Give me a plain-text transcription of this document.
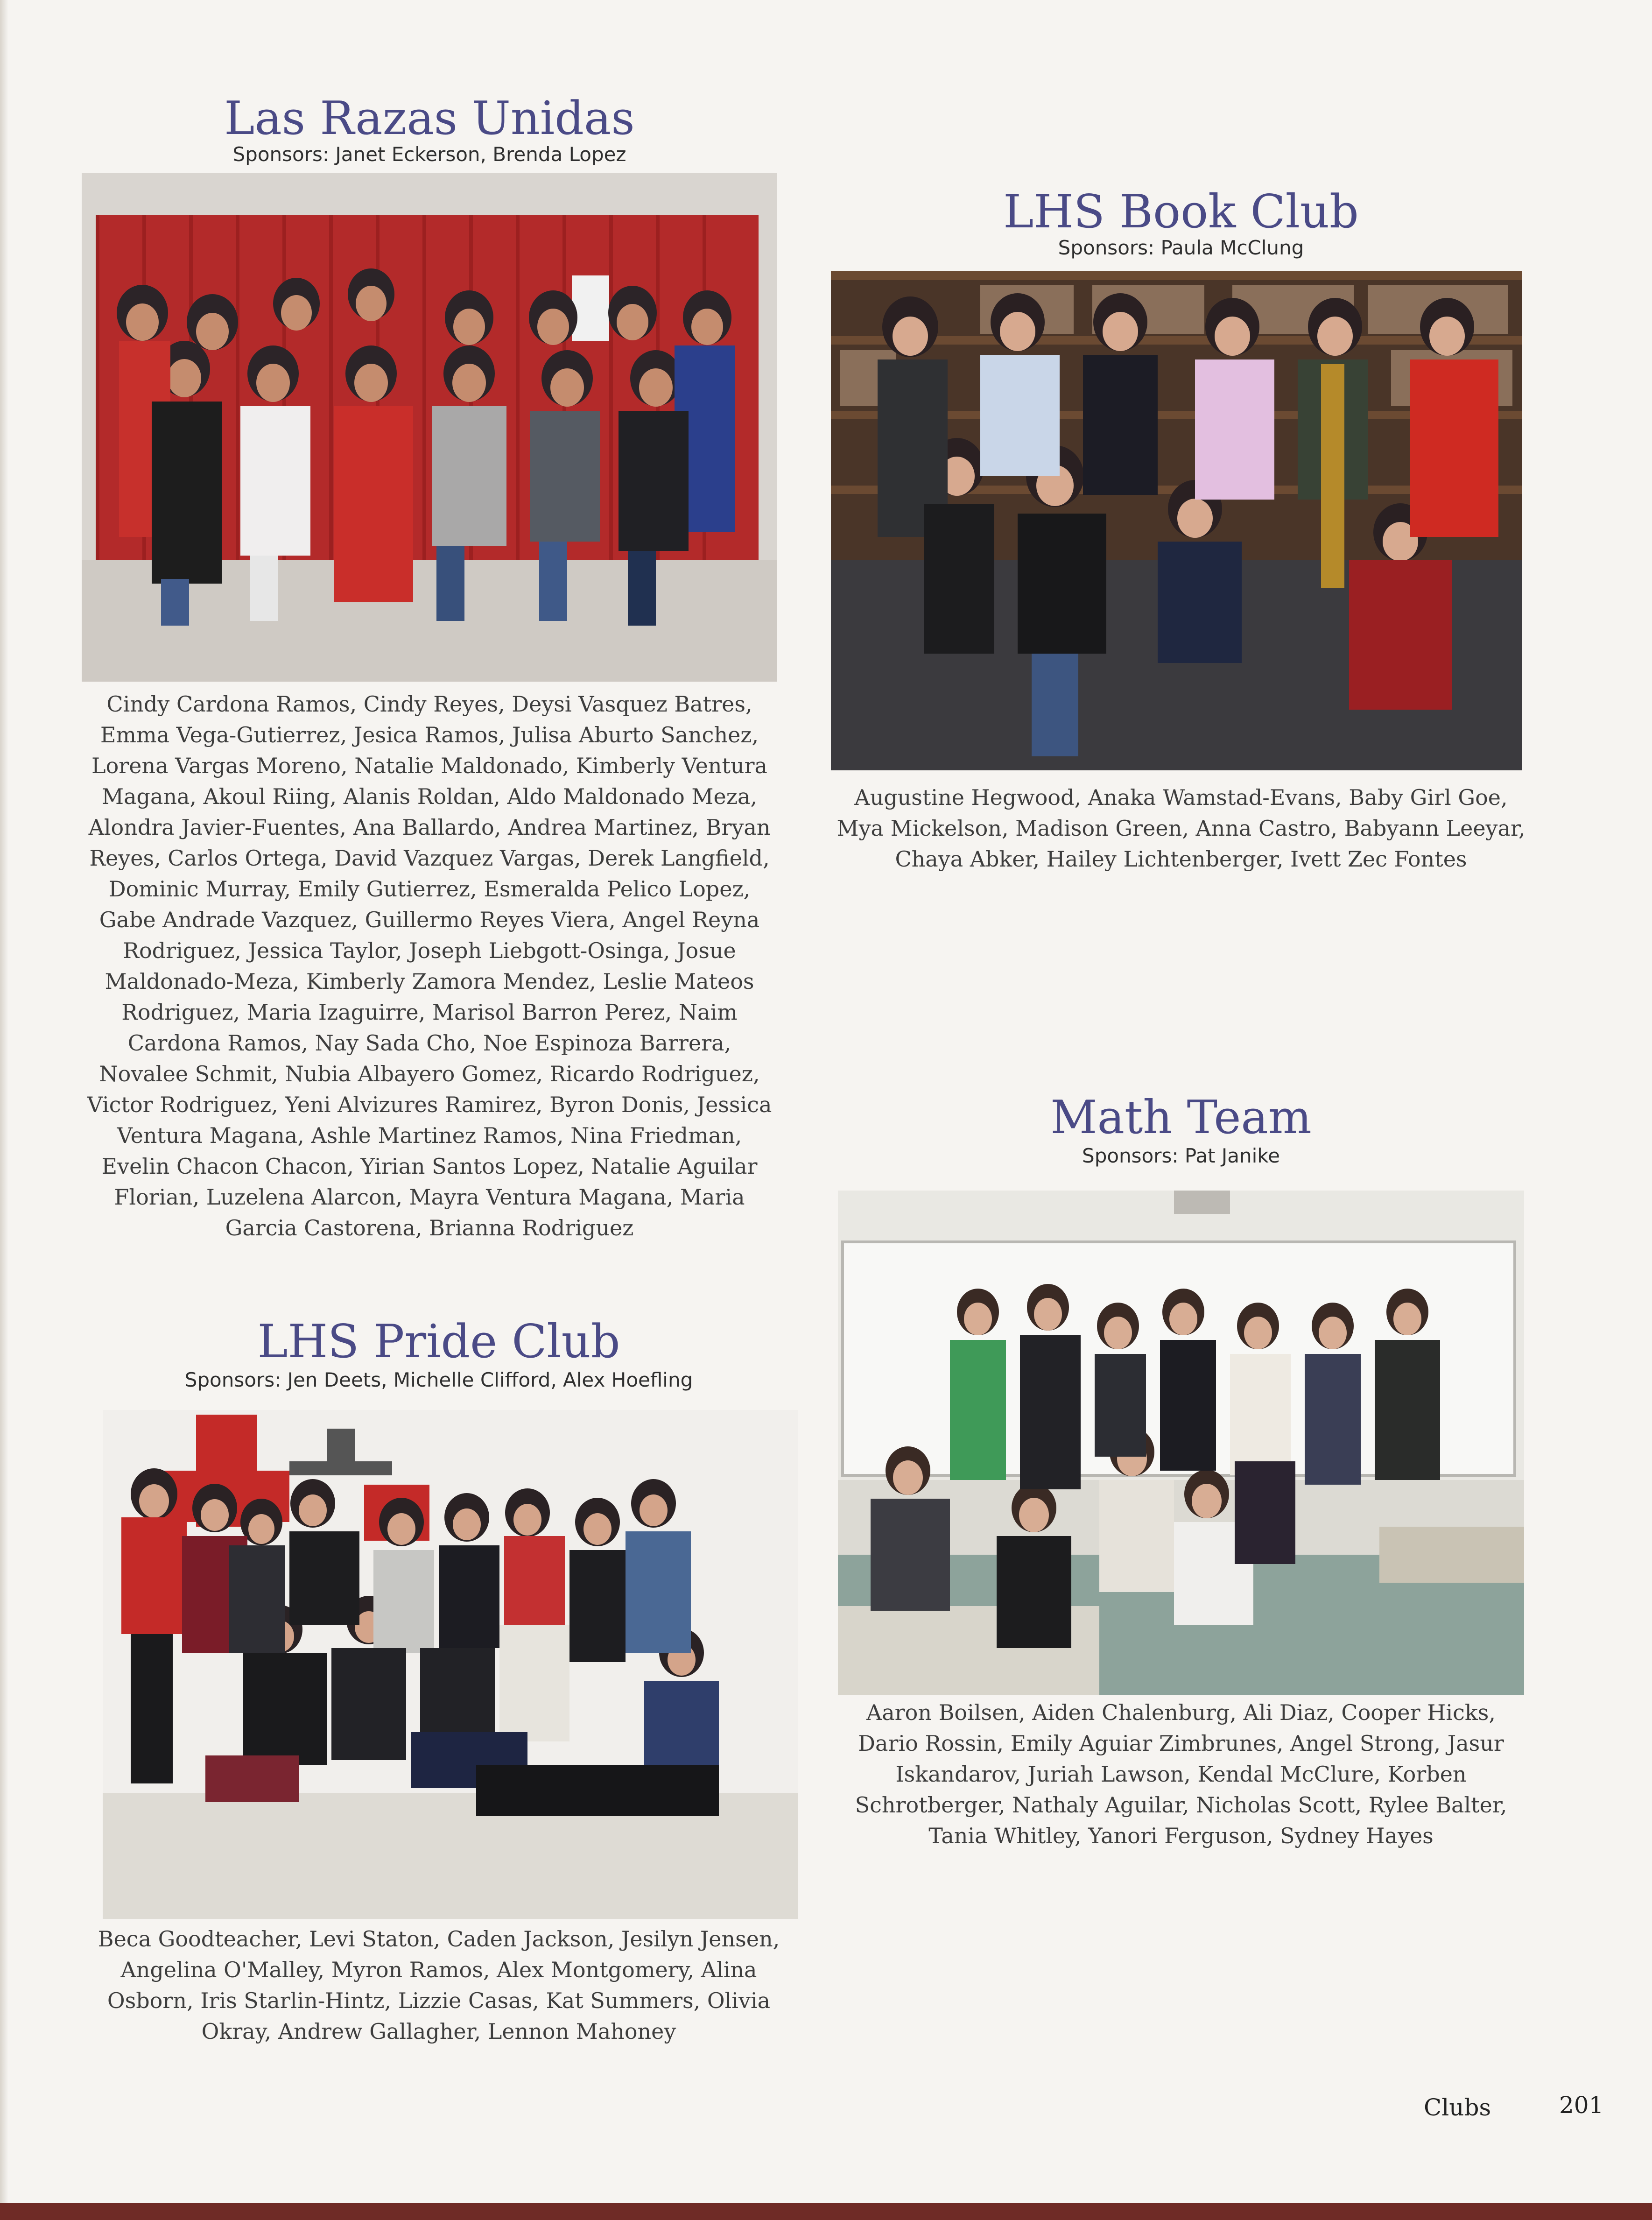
Las Razas Unidas
Sponsors: Janet Eckerson, Brenda Lopez
Cindy Cardona Ramos, Cindy Reyes, Deysi Vasquez Batres, Emma Vega-Gutierrez, Jesica Ramos, Julisa Aburto Sanchez, Lorena Vargas Moreno, Natalie Maldonado, Kimberly Ventura Magana, Akoul Riing, Alanis Roldan, Aldo Maldonado Meza, Alondra Javier-Fuentes, Ana Ballardo, Andrea Martinez, Bryan Reyes, Carlos Ortega, David Vazquez Vargas, Derek Langfield, Dominic Murray, Emily Gutierrez, Esmeralda Pelico Lopez, Gabe Andrade Vazquez, Guillermo Reyes Viera, Angel Reyna Rodriguez, Jessica Taylor, Joseph Liebgott-Osinga, Josue Maldonado-Meza, Kimberly Zamora Mendez, Leslie Mateos Rodriguez, Maria Izaguirre, Marisol Barron Perez, Naim Cardona Ramos, Nay Sada Cho, Noe Espinoza Barrera, Novalee Schmit, Nubia Albayero Gomez, Ricardo Rodriguez, Victor Rodriguez, Yeni Alvizures Ramirez, Byron Donis, Jessica Ventura Magana, Ashle Martinez Ramos, Nina Friedman, Evelin Chacon Chacon, Yirian Santos Lopez, Natalie Aguilar Florian, Luzelena Alarcon, Mayra Ventura Magana, Maria Garcia Castorena, Brianna Rodriguez
LHS Book Club
Sponsors: Paula McClung
Augustine Hegwood, Anaka Wamstad-Evans, Baby Girl Goe, Mya Mickelson, Madison Green, Anna Castro, Babyann Leeyar, Chaya Abker, Hailey Lichtenberger, Ivett Zec Fontes
Math Team
Sponsors: Pat Janike
Aaron Boilsen, Aiden Chalenburg, Ali Diaz, Cooper Hicks, Dario Rossin, Emily Aguiar Zimbrunes, Angel Strong, Jasur Iskandarov, Juriah Lawson, Kendal McClure, Korben Schrotberger, Nathaly Aguilar, Nicholas Scott, Rylee Balter, Tania Whitley, Yanori Ferguson, Sydney Hayes
LHS Pride Club
Sponsors: Jen Deets, Michelle Clifford, Alex Hoefling
Beca Goodteacher, Levi Staton, Caden Jackson, Jesilyn Jensen, Angelina O'Malley, Myron Ramos, Alex Montgomery, Alina Osborn, Iris Starlin-Hintz, Lizzie Casas, Kat Summers, Olivia Okray, Andrew Gallagher, Lennon Mahoney
Clubs	201
